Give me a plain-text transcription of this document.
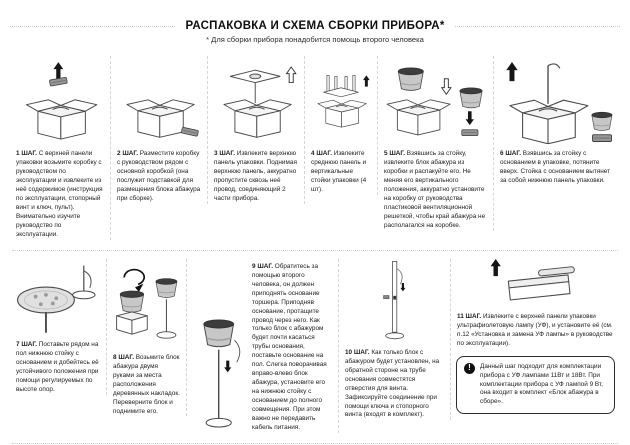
РАСПАКОВКА И СХЕМА СБОРКИ ПРИБОРА*
* Для сборки прибора понадобится помощь второго человека

1 ШАГ. С верхней панели упаковки возьмите коробку с руководством по эксплуатации и извлеките из неё содержимое (инструкция по эксплуатации, стопорный винт и ключ, пульт). Внимательно изучите руководство по эксплуатации.

2 ШАГ. Разместите коробку с руководством рядом с основной коробкой (она послужит подставкой для размещения блока абажура при сборке).

3 ШАГ. Извлеките верхнюю панель упаковки. Поднимая верхнюю панель, аккуратно пропустите сквозь неё провод, соединяющий 2 части прибора.

4 ШАГ. Извлеките среднюю панель и вертикальные стойки упаковки (4 шт).

5 ШАГ. Взявшись за стойку, извлеките блок абажура из коробки и распакуйте его. Не меняя его вертикального положения, аккуратно установите на коробку от руководства пластиковой вентиляционной решеткой, чтобы край абажура не располагался на коробке.

6 ШАГ. Взявшись за стойку с основанием в упаковке, потяните вверх. Стойка с основанием вытянет за собой нижнюю панель упаковки.

7 ШАГ. Поставьте рядом на пол нижнюю стойку с основанием и добейтесь её устойчивого положения при помощи регулируемых по высоте опор.

8 ШАГ. Возьмите блок абажура двумя руками за места расположения деревянных накладок. Переверните блок и поднимите его.

9 ШАГ. Обратитесь за помощью второго человека, он должен приподнять основание торшера. Приподняв основание, протащите провод через него. Как только блок с абажуром будет почти касаться трубы основания, поставьте основание на пол. Слегка поворачивая вправо-влево блок абажура, установите его на нижнюю стойку с основанием до полного совмещения. При этом важно не передавить кабель питания.

10 ШАГ. Как только блок с абажуром будет установлен, на обратной стороне на трубе основания совместятся отверстия для винта. Зафиксируйте соединение при помощи ключа и стопорного винта (входят в комплект).

11 ШАГ. Извлеките с верхней панели упаковки ультрафиолетовую лампу (УФ), и установите её (см. п.12 «Установка и замена УФ лампы» в руководстве по эксплуатации).

!	Данный шаг подходит для комплектации прибора с УФ лампами 11Вт и 18Вт. При комплектации прибора с УФ лампой 9 Вт, она входит в комплект «Блок абажура в сборе».
